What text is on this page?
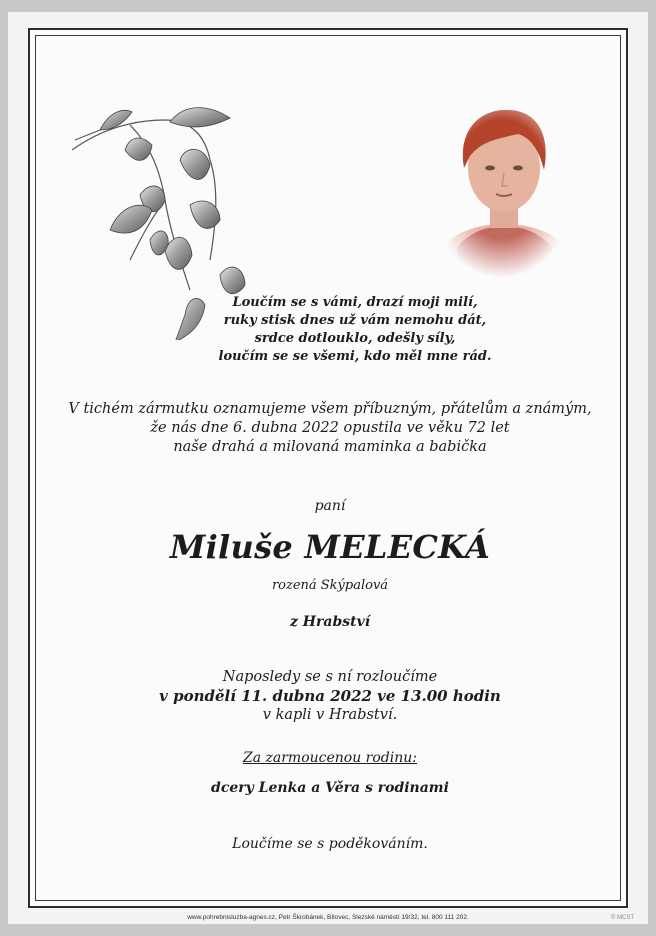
Loučím se s vámi, drazí moji milí,
ruky stisk dnes už vám nemohu dát,
srdce dotlouklo, odešly síly,
loučím se se všemi, kdo měl mne rád.
V tichém zármutku oznamujeme všem příbuzným, přátelům a známým,
že nás dne 6. dubna 2022 opustila ve věku 72 let
naše drahá a milovaná maminka a babička
paní
Miluše MELECKÁ
rozená Skýpalová
z Hrabství
Naposledy se s ní rozloučíme
v pondělí 11. dubna 2022 ve 13.00 hodin
v kapli v Hrabství.
Za zarmoucenou rodinu:
dcery Lenka a Věra s rodinami
Loučíme se s poděkováním.
www.pohrebnisluzba-agnes.cz, Petr Škrobánek, Bílovec, Slezské náměstí 19/32, tel. 800 111 202.	© MCST
